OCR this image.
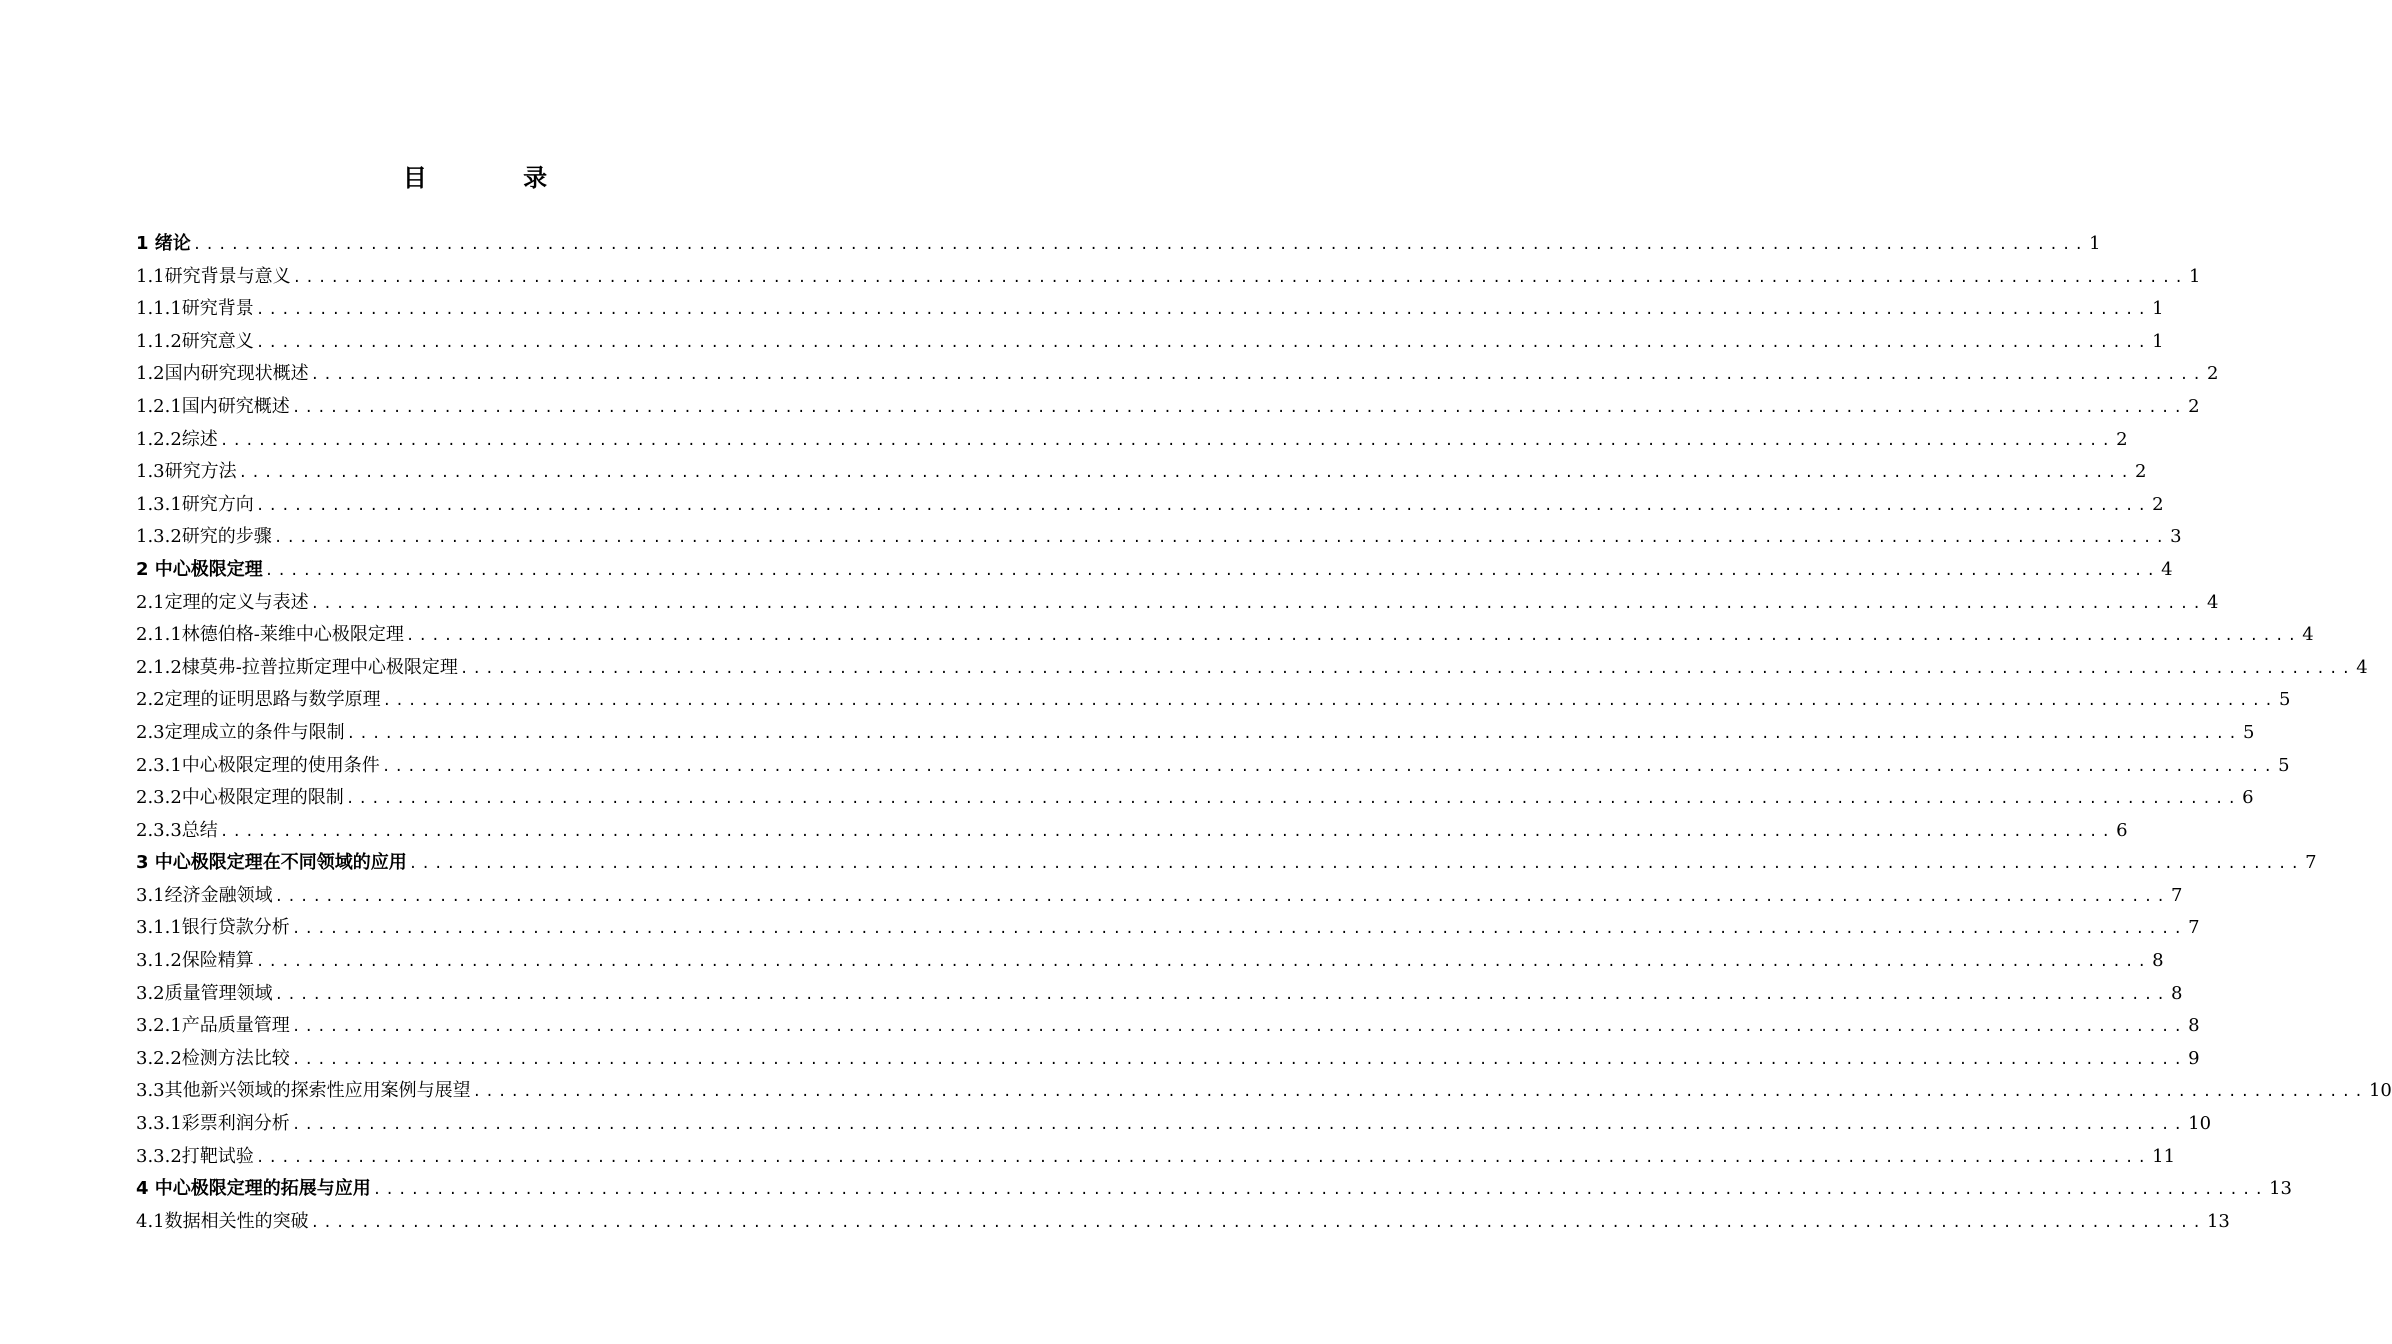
目 录
1 绪论 ...................................................................................................................................................... 1
1.1研究背景与意义 ...................................................................................................................................................... 1
1.1.1研究背景 ...................................................................................................................................................... 1
1.1.2研究意义 ...................................................................................................................................................... 1
1.2国内研究现状概述 ...................................................................................................................................................... 2
1.2.1国内研究概述 ...................................................................................................................................................... 2
1.2.2综述 ...................................................................................................................................................... 2
1.3研究方法 ...................................................................................................................................................... 2
1.3.1研究方向 ...................................................................................................................................................... 2
1.3.2研究的步骤 ...................................................................................................................................................... 3
2 中心极限定理 ...................................................................................................................................................... 4
2.1定理的定义与表述 ...................................................................................................................................................... 4
2.1.1林德伯格-莱维中心极限定理 ...................................................................................................................................................... 4
2.1.2棣莫弗-拉普拉斯定理中心极限定理 ...................................................................................................................................................... 4
2.2定理的证明思路与数学原理 ...................................................................................................................................................... 5
2.3定理成立的条件与限制 ...................................................................................................................................................... 5
2.3.1中心极限定理的使用条件 ...................................................................................................................................................... 5
2.3.2中心极限定理的限制 ...................................................................................................................................................... 6
2.3.3总结 ...................................................................................................................................................... 6
3 中心极限定理在不同领域的应用 ...................................................................................................................................................... 7
3.1经济金融领域 ...................................................................................................................................................... 7
3.1.1银行贷款分析 ...................................................................................................................................................... 7
3.1.2保险精算 ...................................................................................................................................................... 8
3.2质量管理领域 ...................................................................................................................................................... 8
3.2.1产品质量管理 ...................................................................................................................................................... 8
3.2.2检测方法比较 ...................................................................................................................................................... 9
3.3其他新兴领域的探索性应用案例与展望 ...................................................................................................................................................... 10
3.3.1彩票利润分析 ...................................................................................................................................................... 10
3.3.2打靶试验 ...................................................................................................................................................... 11
4 中心极限定理的拓展与应用 ...................................................................................................................................................... 13
4.1数据相关性的突破 ...................................................................................................................................................... 13
